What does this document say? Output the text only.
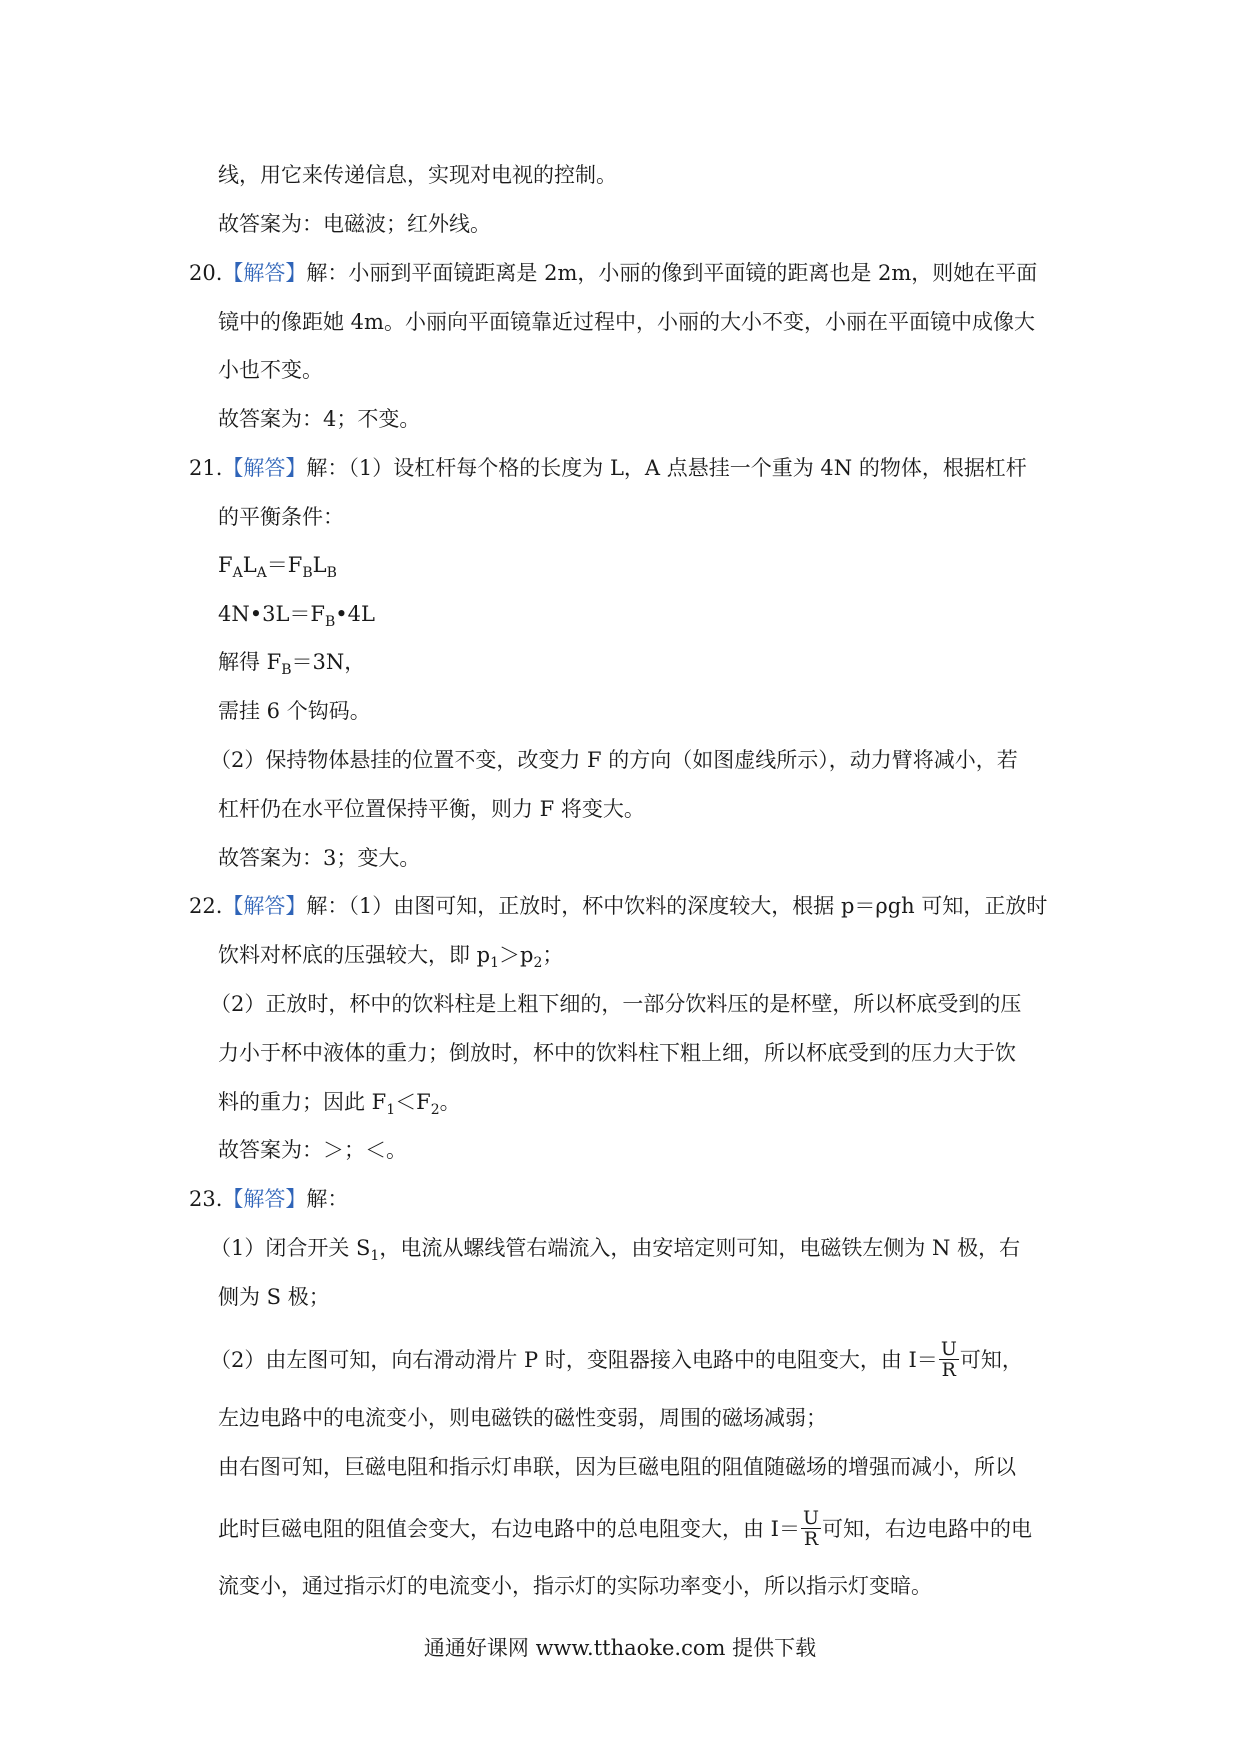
线，用它来传递信息，实现对电视的控制。
故答案为：电磁波；红外线。
20.【解答】解：小丽到平面镜距离是 2m，小丽的像到平面镜的距离也是 2m，则她在平面
镜中的像距她 4m。小丽向平面镜靠近过程中，小丽的大小不变，小丽在平面镜中成像大
小也不变。
故答案为：4；不变。
21.【解答】解：（1）设杠杆每个格的长度为 L，A 点悬挂一个重为 4N 的物体，根据杠杆
的平衡条件：
$F_AL_A=F_BL_B$
$4N•3L=F_B•4L$
解得 $F_B=3N$，
需挂 6 个钩码。
（2）保持物体悬挂的位置不变，改变力 F 的方向（如图虚线所示），动力臂将减小，若
杠杆仍在水平位置保持平衡，则力 F 将变大。
故答案为：3；变大。
22.【解答】解：（1）由图可知，正放时，杯中饮料的深度较大，根据 p＝ρgh 可知，正放时
饮料对杯底的压强较大，即 $p_1>p_2$；
（2）正放时，杯中的饮料柱是上粗下细的，一部分饮料压的是杯壁，所以杯底受到的压
力小于杯中液体的重力；倒放时，杯中的饮料柱下粗上细，所以杯底受到的压力大于饮
料的重力；因此 $F_1<F_2$。
故答案为：＞；＜。
23.【解答】解：
（1）闭合开关 $S_1$，电流从螺线管右端流入，由安培定则可知，电磁铁左侧为 N 极，右
侧为 S 极；
（2）由左图可知，向右滑动滑片 P 时，变阻器接入电路中的电阻变大，由 $I= \frac{U}{R}$ 可知，
左边电路中的电流变小，则电磁铁的磁性变弱，周围的磁场减弱；
由右图可知，巨磁电阻和指示灯串联，因为巨磁电阻的阻值随磁场的增强而减小，所以
此时巨磁电阻的阻值会变大，右边电路中的总电阻变大，由 $I= \frac{U}{R}$ 可知，右边电路中的电
流变小，通过指示灯的电流变小，指示灯的实际功率变小，所以指示灯变暗。
通通好课网 www.tthaoke.com 提供下载
